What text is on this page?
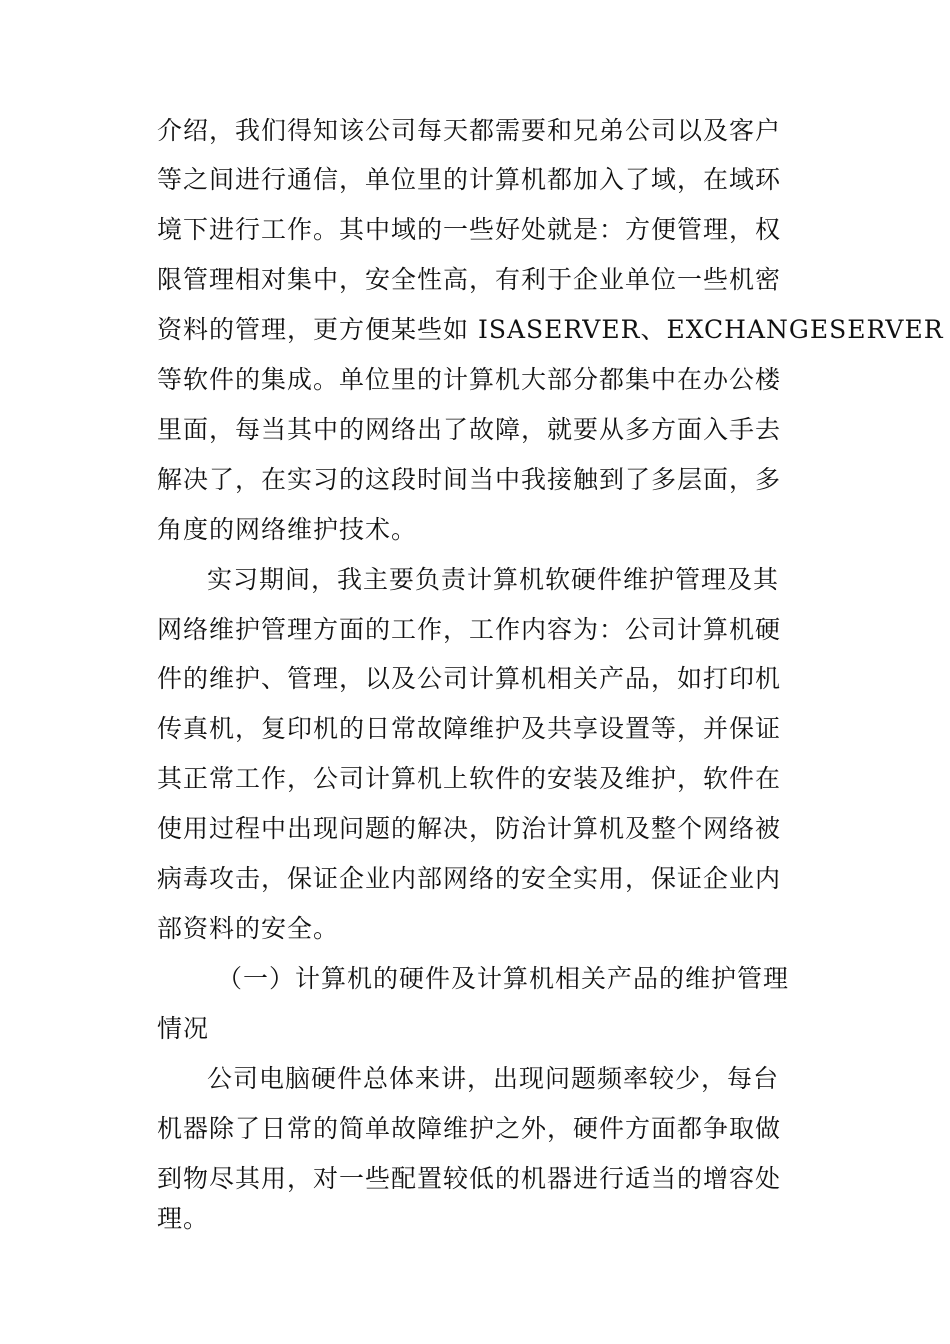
介绍，我们得知该公司每天都需要和兄弟公司以及客户
等之间进行通信，单位里的计算机都加入了域，在域环
境下进行工作。其中域的一些好处就是：方便管理，权
限管理相对集中，安全性高，有利于企业单位一些机密
资料的管理，更方便某些如 ISASERVER、EXCHANGESERVER
等软件的集成。单位里的计算机大部分都集中在办公楼
里面，每当其中的网络出了故障，就要从多方面入手去
解决了，在实习的这段时间当中我接触到了多层面，多
角度的网络维护技术。
实习期间，我主要负责计算机软硬件维护管理及其
网络维护管理方面的工作，工作内容为：公司计算机硬
件的维护、管理，以及公司计算机相关产品，如打印机
传真机，复印机的日常故障维护及共享设置等，并保证
其正常工作，公司计算机上软件的安装及维护，软件在
使用过程中出现问题的解决，防治计算机及整个网络被
病毒攻击，保证企业内部网络的安全实用，保证企业内
部资料的安全。
（一）计算机的硬件及计算机相关产品的维护管理
情况
公司电脑硬件总体来讲，出现问题频率较少，每台
机器除了日常的简单故障维护之外，硬件方面都争取做
到物尽其用，对一些配置较低的机器进行适当的增容处
理。
